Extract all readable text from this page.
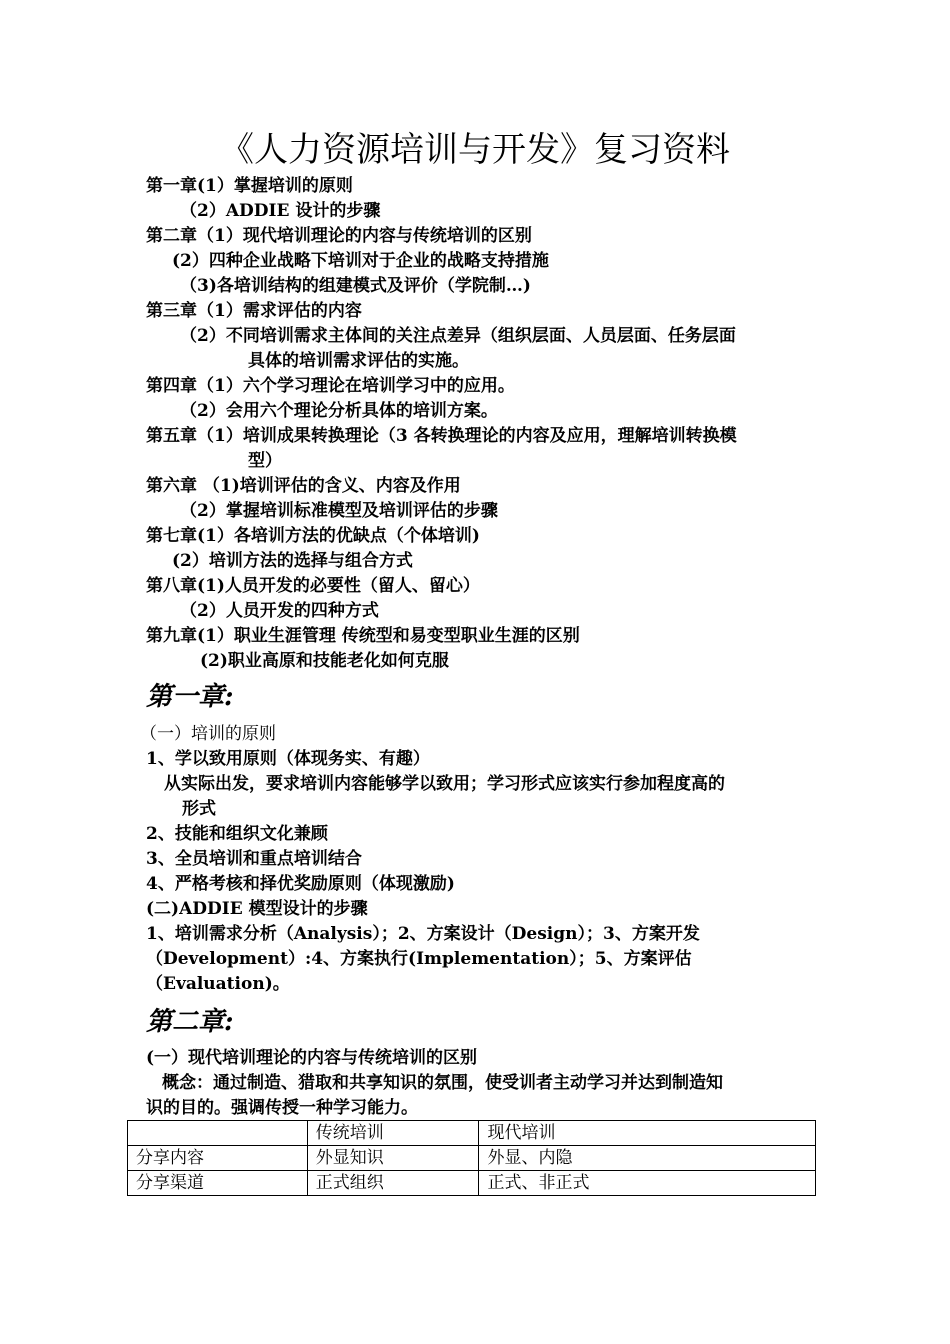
《人力资源培训与开发》复习资料
第一章(1）掌握培训的原则
（2）ADDIE 设计的步骤
第二章（1）现代培训理论的内容与传统培训的区别
(2）四种企业战略下培训对于企业的战略支持措施
（3)各培训结构的组建模式及评价（学院制…)
第三章（1）需求评估的内容
（2）不同培训需求主体间的关注点差异（组织层面、人员层面、任务层面
具体的培训需求评估的实施。
第四章（1）六个学习理论在培训学习中的应用。
（2）会用六个理论分析具体的培训方案。
第五章（1）培训成果转换理论（3 各转换理论的内容及应用，理解培训转换模
型）
第六章 （1)培训评估的含义、内容及作用
（2）掌握培训标准模型及培训评估的步骤
第七章(1）各培训方法的优缺点（个体培训)
(2）培训方法的选择与组合方式
第八章(1)人员开发的必要性（留人、留心）
（2）人员开发的四种方式
第九章(1）职业生涯管理 传统型和易变型职业生涯的区别
(2)职业高原和技能老化如何克服
第一章:
（一）培训的原则
1、学以致用原则（体现务实、有趣）
从实际出发，要求培训内容能够学以致用；学习形式应该实行参加程度高的
形式
2、技能和组织文化兼顾
3、全员培训和重点培训结合
4、严格考核和择优奖励原则（体现激励)
(二)ADDIE 模型设计的步骤
1、培训需求分析（Analysis）；2、方案设计（Design）；3、方案开发
（Development）:4、方案执行(Implementation）；5、方案评估
（Evaluation)。
第二章:
(一）现代培训理论的内容与传统培训的区别
概念：通过制造、猎取和共享知识的氛围，使受训者主动学习并达到制造知
识的目的。强调传授一种学习能力。
	传统培训	现代培训
分享内容	外显知识	外显、内隐
分享渠道	正式组织	正式、非正式
